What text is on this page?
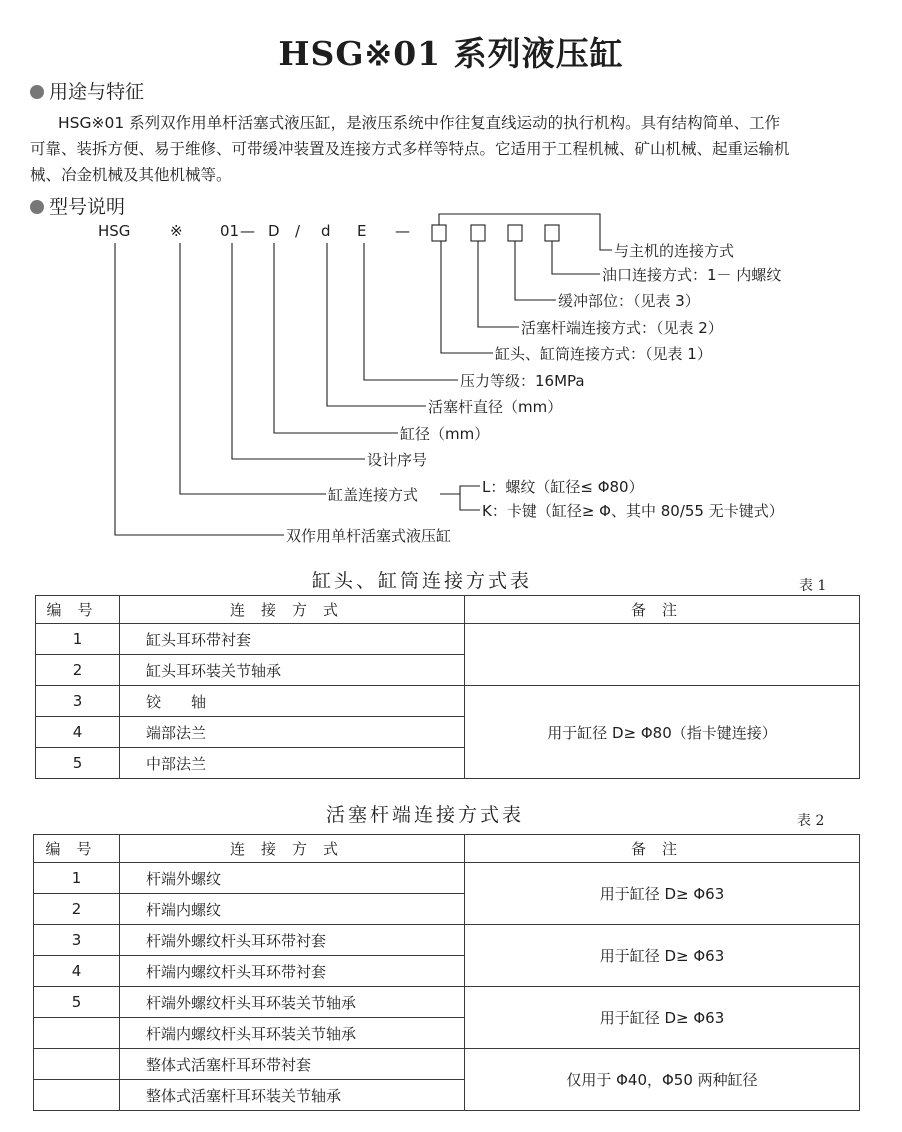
HSG※01 系列液压缸
用途与特征
HSG※01 系列双作用单杆活塞式液压缸，是液压系统中作往复直线运动的执行机构。具有结构简单、工作
可靠、装拆方便、易于维修、可带缓冲装置及连接方式多样等特点。它适用于工程机械、矿山机械、起重运输机
械、冶金机械及其他机械等。
型号说明
HSG	※ 01 — D / d E —
与主机的连接方式
油口连接方式：1－ 内螺纹
缓冲部位：（见表 3）
活塞杆端连接方式：（见表 2）
缸头、缸筒连接方式：（见表 1）
压力等级：16MPa
活塞杆直径（mm）
缸径（mm）
设计序号
缸盖连接方式	L：螺纹（缸径≤ Φ80）
K：卡键（缸径≥ Φ、其中 80/55 无卡键式）
双作用单杆活塞式液压缸
缸头、缸筒连接方式表	表 1
编号	连接方式	备注
1	缸头耳环带衬套	
2	缸头耳环装关节轴承	
3	铰　　轴	用于缸径 D≥ Φ80（指卡键连接）
4	端部法兰	
5	中部法兰	
活塞杆端连接方式表	表 2
编号	连接方式	备注
1	杆端外螺纹	用于缸径 D≥ Φ63
2	杆端内螺纹	
3	杆端外螺纹杆头耳环带衬套	用于缸径 D≥ Φ63
4	杆端内螺纹杆头耳环带衬套	
5	杆端外螺纹杆头耳环装关节轴承	用于缸径 D≥ Φ63
	杆端内螺纹杆头耳环装关节轴承	
	整体式活塞杆耳环带衬套	仅用于 Φ40，Φ50 两种缸径
	整体式活塞杆耳环装关节轴承	
